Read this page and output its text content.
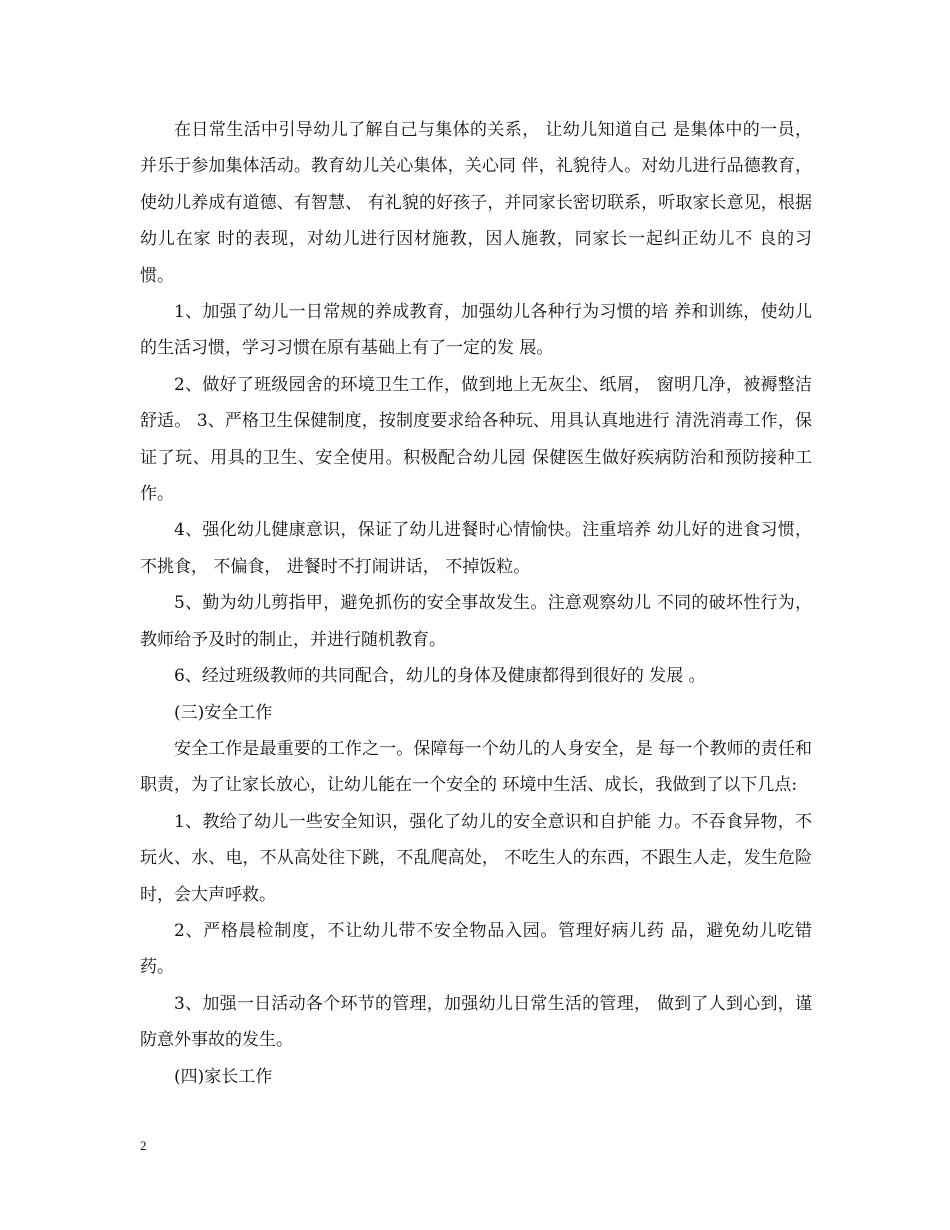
在日常生活中引导幼儿了解自己与集体的关系， 让幼儿知道自己 是集体中的一员，并乐于参加集体活动。教育幼儿关心集体，关心同 伴，礼貌待人。对幼儿进行品德教育，使幼儿养成有道德、有智慧、 有礼貌的好孩子，并同家长密切联系，听取家长意见，根据幼儿在家 时的表现，对幼儿进行因材施教，因人施教，同家长一起纠正幼儿不 良的习惯。

1、加强了幼儿一日常规的养成教育，加强幼儿各种行为习惯的培 养和训练，使幼儿的生活习惯，学习习惯在原有基础上有了一定的发 展。

2、做好了班级园舍的环境卫生工作，做到地上无灰尘、纸屑， 窗明几净，被褥整洁舒适。 3、严格卫生保健制度，按制度要求给各种玩、用具认真地进行 清洗消毒工作，保证了玩、用具的卫生、安全使用。积极配合幼儿园 保健医生做好疾病防治和预防接种工作。

4、强化幼儿健康意识，保证了幼儿进餐时心情愉快。注重培养 幼儿好的进食习惯， 不挑食， 不偏食， 进餐时不打闹讲话， 不掉饭粒。

5、勤为幼儿剪指甲，避免抓伤的安全事故发生。注意观察幼儿 不同的破坏性行为，教师给予及时的制止，并进行随机教育。

6、经过班级教师的共同配合，幼儿的身体及健康都得到很好的 发展 。

(三)安全工作

安全工作是最重要的工作之一。保障每一个幼儿的人身安全，是 每一个教师的责任和职责，为了让家长放心，让幼儿能在一个安全的 环境中生活、成长，我做到了以下几点:

1、教给了幼儿一些安全知识，强化了幼儿的安全意识和自护能 力。不吞食异物，不玩火、水、电，不从高处往下跳，不乱爬高处， 不吃生人的东西，不跟生人走，发生危险时，会大声呼救。

2、严格晨检制度，不让幼儿带不安全物品入园。管理好病儿药 品，避免幼儿吃错药。

3、加强一日活动各个环节的管理，加强幼儿日常生活的管理， 做到了人到心到，谨防意外事故的发生。

(四)家长工作

2
